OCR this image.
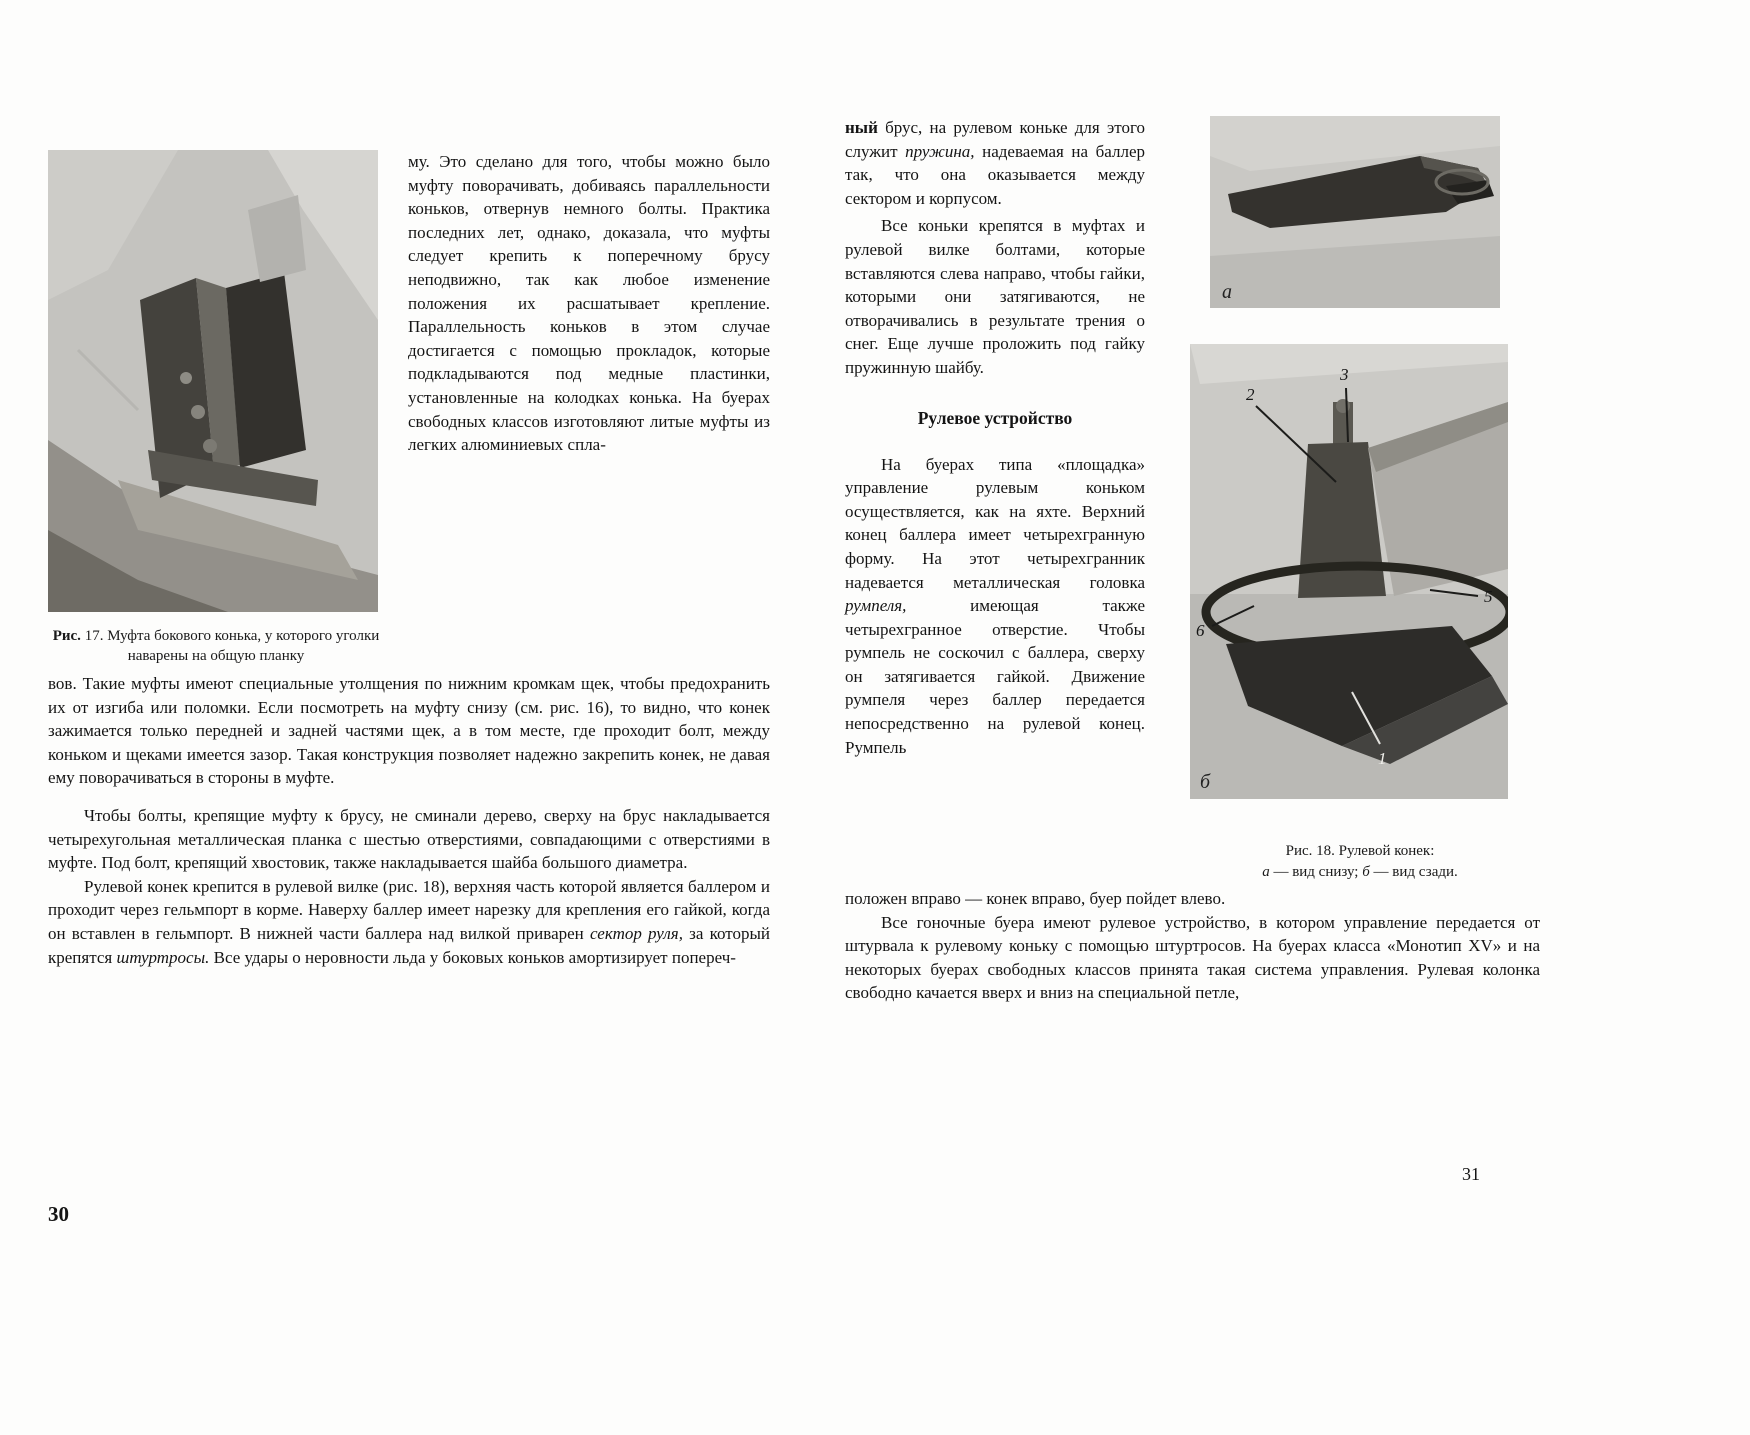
Рис. 17. Муфта бокового конька, у которого уголки наварены на общую планку
му. Это сделано для того, чтобы можно было муфту поворачивать, добиваясь параллельности коньков, отвернув немного болты. Практика последних лет, однако, доказала, что муфты следует крепить к поперечному брусу неподвижно, так как любое изменение положения их расшатывает крепление. Параллельность коньков в этом случае достигается с помощью прокладок, которые подкладываются под медные пластинки, установленные на колодках конька. На буерах свободных классов изготовляют литые муфты из легких алюминиевых спла-

вов. Такие муфты имеют специальные утолщения по нижним кромкам щек, чтобы предохранить их от изгиба или поломки. Если посмотреть на муфту снизу (см. рис. 16), то видно, что конек зажимается только передней и задней частями щек, а в том месте, где проходит болт, между коньком и щеками имеется зазор. Такая конструкция позволяет надежно закрепить конек, не давая ему поворачиваться в стороны в муфте.

Чтобы болты, крепящие муфту к брусу, не сминали дерево, сверху на брус накладывается четырехугольная металлическая планка с шестью отверстиями, совпадающими с отверстиями в муфте. Под болт, крепящий хвостовик, также накладывается шайба большого диаметра.

Рулевой конек крепится в рулевой вилке (рис. 18), верхняя часть которой является баллером и проходит через гельмпорт в корме. Наверху баллер имеет нарезку для крепления его гайкой, когда он вставлен в гельмпорт. В нижней части баллера над вилкой приварен сектор руля, за который крепятся штуртросы. Все удары о неровности льда у боковых коньков амортизирует попереч-

ный брус, на рулевом коньке для этого служит пружина, надеваемая на баллер так, что она оказывается между сектором и корпусом.

Все коньки крепятся в муфтах и рулевой вилке болтами, которые вставляются слева направо, чтобы гайки, которыми они затягиваются, не отворачивались в результате трения о снег. Еще лучше проложить под гайку пружинную шайбу.

Рулевое устройство

На буерах типа «площадка» управление рулевым коньком осуществляется, как на яхте. Верхний конец баллера имеет четырехгранную форму. На этот четырехгранник надевается металлическая головка румпеля, имеющая также четырехгранное отверстие. Чтобы румпель не соскочил с баллера, сверху он затягивается гайкой. Движение румпеля через баллер передается непосредственно на рулевой конец. Румпель

а
2
3
5
6
1
б
Рис. 18. Рулевой конек:
а — вид снизу; б — вид сзади.

положен вправо — конек вправо, буер пойдет влево.

Все гоночные буера имеют рулевое устройство, в котором управление передается от штурвала к рулевому коньку с помощью штуртросов. На буерах класса «Монотип XV» и на некоторых буерах свободных классов принята такая система управления. Рулевая колонка свободно качается вверх и вниз на специальной петле,

30
31
